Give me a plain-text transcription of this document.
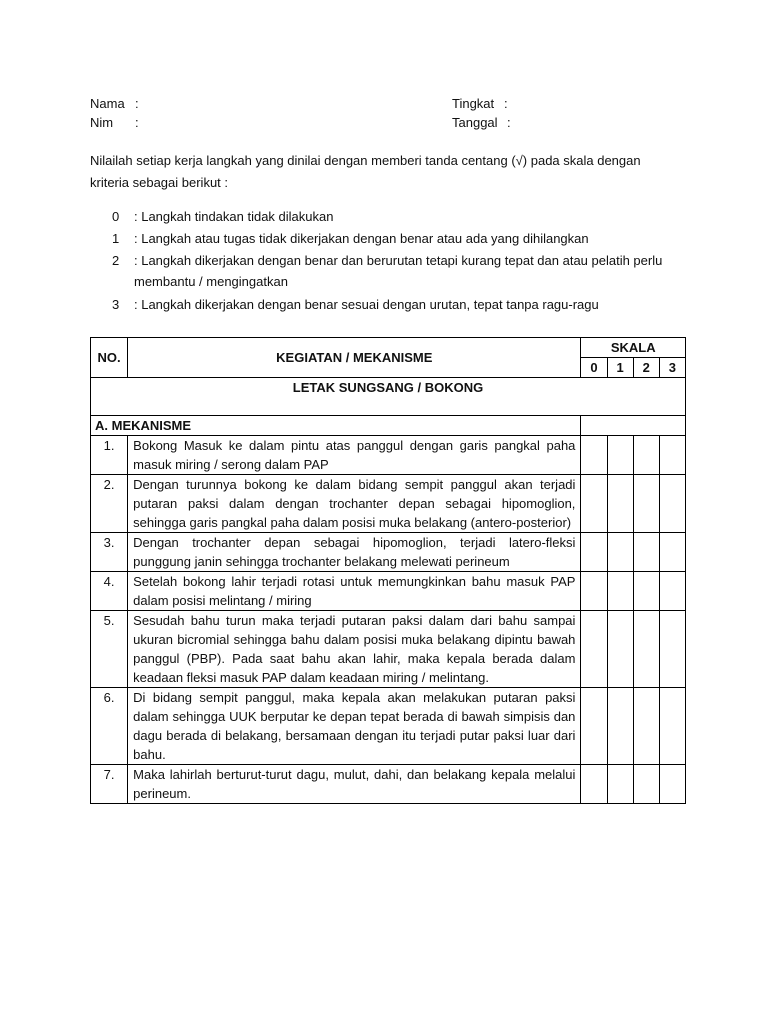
Nama :
Nim :
Tingkat :
Tanggal :
Nilailah setiap kerja langkah yang dinilai dengan memberi tanda centang (√) pada skala dengan kriteria sebagai berikut :
0 : Langkah tindakan tidak dilakukan
1 : Langkah atau tugas tidak dikerjakan dengan benar atau ada yang dihilangkan
2 : Langkah dikerjakan dengan benar dan berurutan tetapi kurang tepat dan atau pelatih perlu membantu / mengingatkan
3 : Langkah dikerjakan dengan benar sesuai dengan urutan, tepat tanpa ragu-ragu
NO.	KEGIATAN / MEKANISME	SKALA			
		0	1	2	3
LETAK SUNGSANG / BOKONG					
A. MEKANISME					
1.	Bokong Masuk ke dalam pintu atas panggul dengan garis pangkal paha masuk miring / serong dalam PAP				
2.	Dengan turunnya bokong ke dalam bidang sempit panggul akan terjadi putaran paksi dalam dengan trochanter depan sebagai hipomoglion, sehingga garis pangkal paha dalam posisi muka belakang (antero-posterior)				
3.	Dengan trochanter depan sebagai hipomoglion, terjadi latero-fleksi punggung janin sehingga trochanter belakang melewati perineum				
4.	Setelah bokong lahir terjadi rotasi untuk memungkinkan bahu masuk PAP dalam posisi melintang / miring				
5.	Sesudah bahu turun maka terjadi putaran paksi dalam dari bahu sampai ukuran bicromial sehingga bahu dalam posisi muka belakang dipintu bawah panggul (PBP). Pada saat bahu akan lahir, maka kepala berada dalam keadaan fleksi masuk PAP dalam keadaan miring / melintang.				
6.	Di bidang sempit panggul, maka kepala akan melakukan putaran paksi dalam sehingga UUK berputar ke depan tepat berada di bawah simpisis dan dagu berada di belakang, bersamaan dengan itu terjadi putar paksi luar dari bahu.				
7.	Maka lahirlah berturut-turut dagu, mulut, dahi, dan belakang kepala melalui perineum.				
